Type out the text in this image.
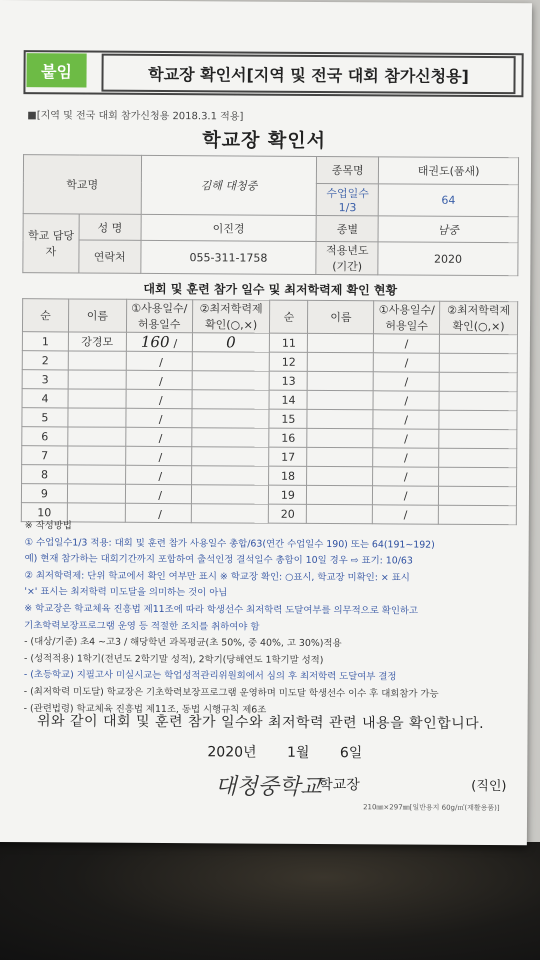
붙임	학교장 확인서[지역 및 전국 대회 참가신청용]
■[지역 및 전국 대회 참가신청용 2018.3.1 적용]
학교장 확인서
학교명		김해 대청중	종목명	태권도(품새)
			수업일수 1/3	64
학교 담당자	성 명	이진경	종별	남중
	연락처	055-311-1758	적용년도 (기간)	2020
대회 및 훈련 참가 일수 및 최저학력제 확인 현황
순	이름	①사용일수/ 허용일수	②최저학력제 확인(○,×)	순	이름	①사용일수/ 허용일수	②최저학력제 확인(○,×)
1	강경모	160 /	0	11		/	
2		/		12		/	
3		/		13		/	
4		/		14		/	
5		/		15		/	
6		/		16		/	
7		/		17		/	
8		/		18		/	
9		/		19		/	
10		/		20		/	
※ 작성방법
① 수업일수1/3 적용: 대회 및 훈련 참가 사용일수 총합/63(연간 수업일수 190) 또는 64(191~192)
예) 현재 참가하는 대회기간까지 포함하여 출석인정 결석일수 총합이 10일 경우 ⇨ 표기: 10/63
② 최저학력제: 단위 학교에서 확인 여부만 표시 ※ 학교장 확인: ○표시, 학교장 미확인: × 표시
'×' 표시는 최저학력 미도달을 의미하는 것이 아님
※ 학교장은 학교체육 진흥법 제11조에 따라 학생선수 최저학력 도달여부를 의무적으로 확인하고
기초학력보장프로그램 운영 등 적절한 조치를 취하여야 함
- (대상/기준) 초4 ~고3 / 해당학년 과목평균(초 50%, 중 40%, 고 30%)적용
- (성적적용) 1학기(전년도 2학기말 성적), 2학기(당해연도 1학기말 성적)
- (초등학교) 지필고사 미실시교는 학업성적관리위원회에서 심의 후 최저학력 도달여부 결정
- (최저학력 미도달) 학교장은 기초학력보장프로그램 운영하며 미도달 학생선수 이수 후 대회참가 가능
- (관련법령) 학교체육 진흥법 제11조, 동법 시행규칙 제6조
위와 같이 대회 및 훈련 참가 일수와 최저학력 관련 내용을 확인합니다.
2020년 1월 6일
대청중학교
학교장	(직인)
210㎜×297㎜[일반용지 60g/㎡(재활용품)]
